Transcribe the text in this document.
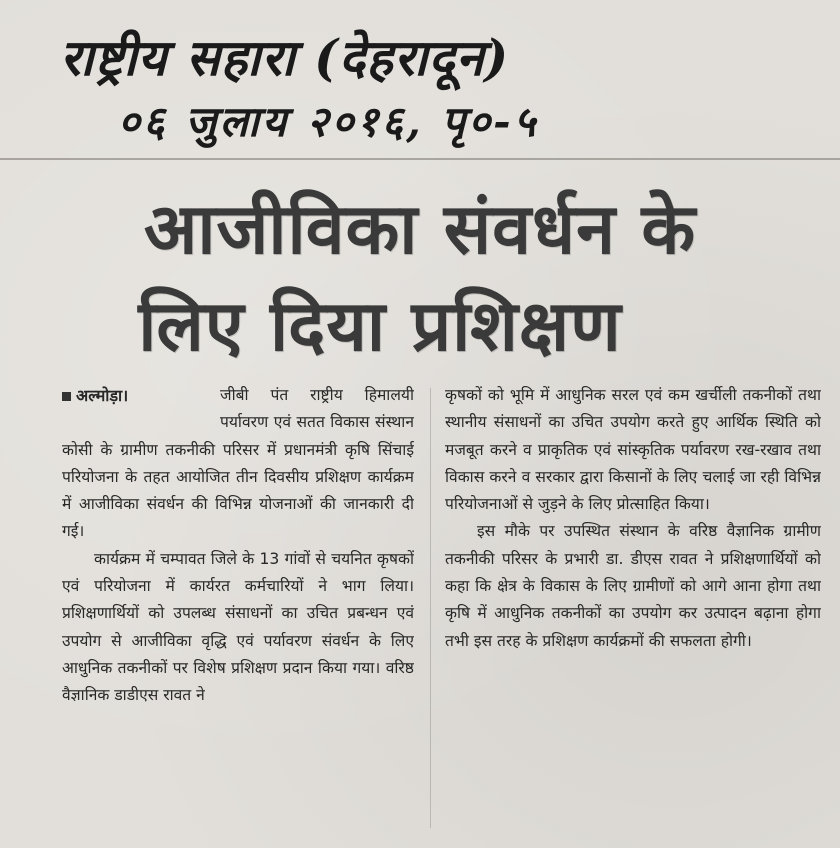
राष्ट्रीय सहारा (देहरादून)
०६ जुलाय २०१६, पृ०-५
आजीविका संवर्धन के
लिए दिया प्रशिक्षण
अल्मोड़ा।	जीबी पंत राष्ट्रीय हिमालयी पर्यावरण एवं सतत विकास संस्थान कोसी के ग्रामीण तकनीकी परिसर में प्रधानमंत्री कृषि सिंचाई परियोजना के तहत आयोजित तीन दिवसीय प्रशिक्षण कार्यक्रम में आजीविका संवर्धन की विभिन्न योजनाओं की जानकारी दी गई।

कार्यक्रम में चम्पावत जिले के 13 गांवों से चयनित कृषकों एवं परियोजना में कार्यरत कर्मचारियों ने भाग लिया। प्रशिक्षणार्थियों को उपलब्ध संसाधनों का उचित प्रबन्धन एवं उपयोग से आजीविका वृद्धि एवं पर्यावरण संवर्धन के लिए आधुनिक तकनीकों पर विशेष प्रशिक्षण प्रदान किया गया। वरिष्ठ वैज्ञानिक डाडीएस रावत ने

कृषकों को भूमि में आधुनिक सरल एवं कम खर्चीली तकनीकों तथा स्थानीय संसाधनों का उचित उपयोग करते हुए आर्थिक स्थिति को मजबूत करने व प्राकृतिक एवं सांस्कृतिक पर्यावरण रख-रखाव तथा विकास करने व सरकार द्वारा किसानों के लिए चलाई जा रही विभिन्न परियोजनाओं से जुड़ने के लिए प्रोत्साहित किया।

इस मौके पर उपस्थित संस्थान के वरिष्ठ वैज्ञानिक ग्रामीण तकनीकी परिसर के प्रभारी डा. डीएस रावत ने प्रशिक्षणार्थियों को कहा कि क्षेत्र के विकास के लिए ग्रामीणों को आगे आना होगा तथा कृषि में आधुनिक तकनीकों का उपयोग कर उत्पादन बढ़ाना होगा तभी इस तरह के प्रशिक्षण कार्यक्रमों की सफलता होगी।
